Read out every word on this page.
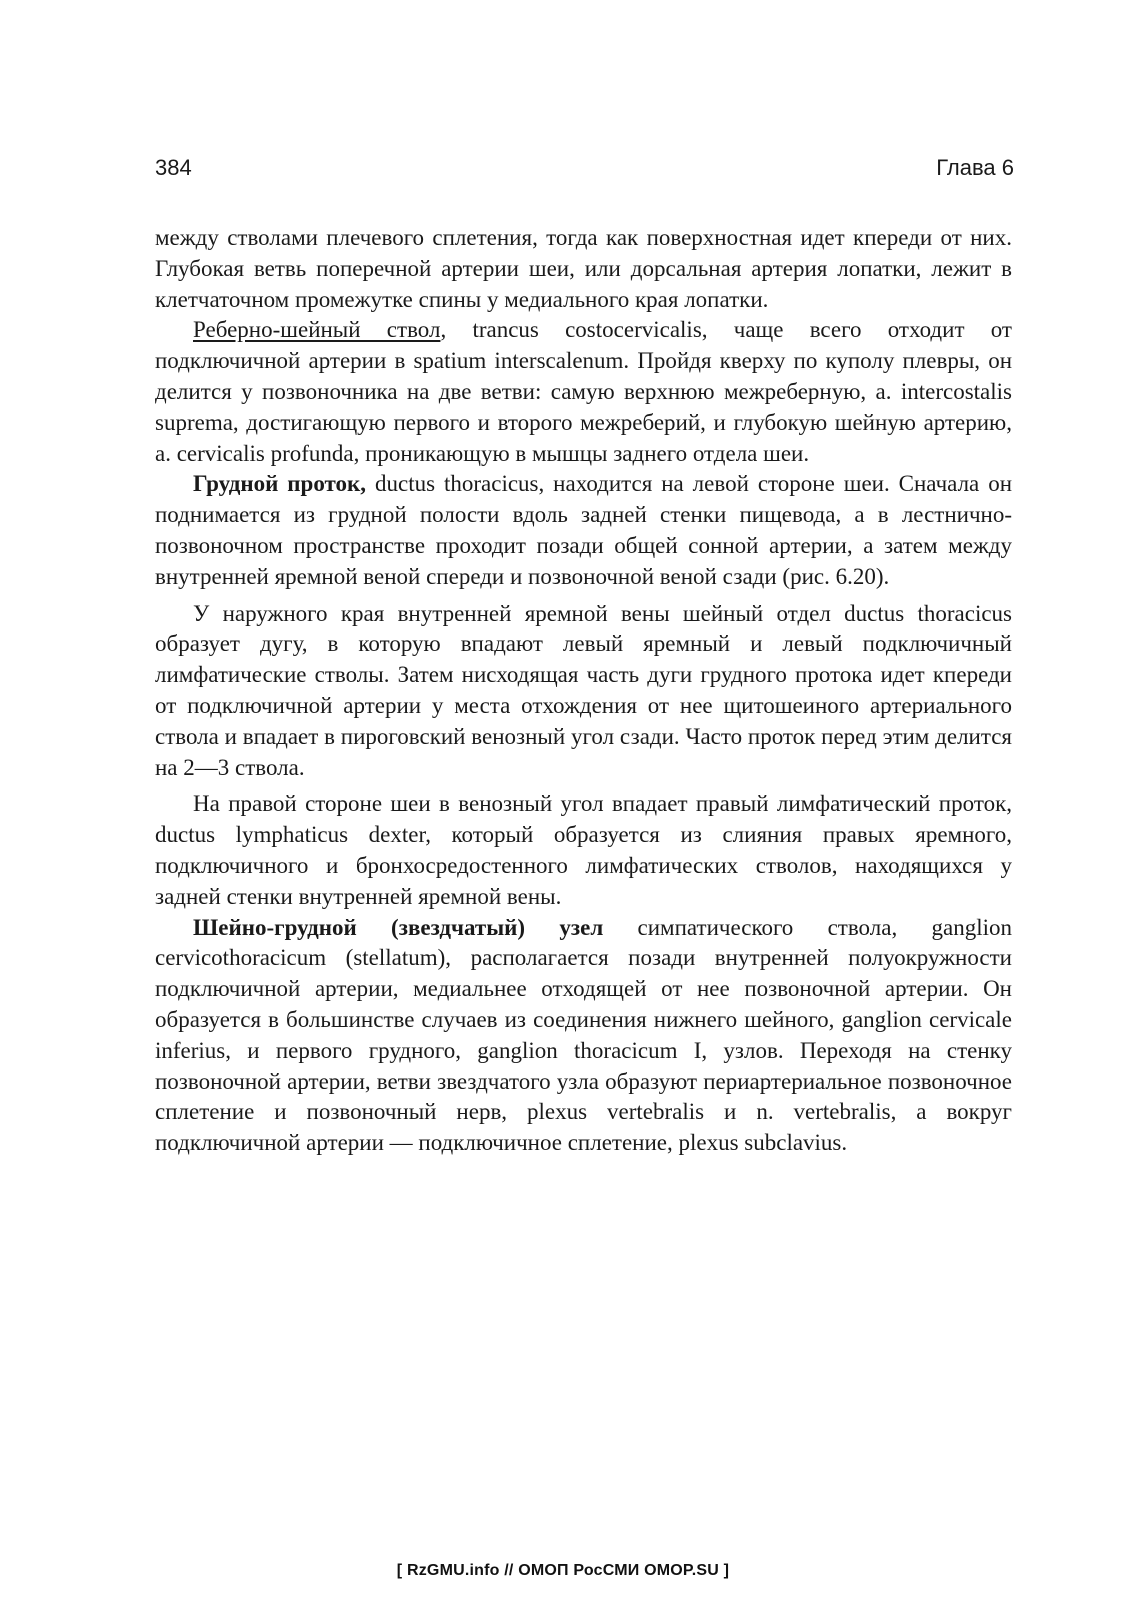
384	Глава 6

между стволами плечевого сплетения, тогда как поверхностная идет кпереди от них. Глубокая ветвь поперечной артерии шеи, или дорсальная артерия лопатки, лежит в клетчаточном промежутке спины у медиального края лопатки.

Реберно-шейный ствол, trancus costocervicalis, чаще всего отходит от подключичной артерии в spatium interscalenum. Пройдя кверху по куполу плевры, он делится у позвоночника на две ветви: самую верхнюю межреберную, a. intercostalis suprema, достигающую первого и второго межреберий, и глубокую шейную артерию, a. cervicalis profunda, проникающую в мышцы заднего отдела шеи.

Грудной проток, ductus thoracicus, находится на левой стороне шеи. Сначала он поднимается из грудной полости вдоль задней стенки пищевода, а в лестнично-позвоночном пространстве проходит позади общей сонной артерии, а затем между внутренней яремной веной спереди и позвоночной веной сзади (рис. 6.20).

У наружного края внутренней яремной вены шейный отдел ductus thoracicus образует дугу, в которую впадают левый яремный и левый подключичный лимфатические стволы. Затем нисходящая часть дуги грудного протока идет кпереди от подключичной артерии у места отхождения от нее щитошеиного артериального ствола и впадает в пироговский венозный угол сзади. Часто проток перед этим делится на 2—3 ствола.

На правой стороне шеи в венозный угол впадает правый лимфатический проток, ductus lymphaticus dexter, который образуется из слияния правых яремного, подключичного и бронхосредостенного лимфатических стволов, находящихся у задней стенки внутренней яремной вены.

Шейно-грудной (звездчатый) узел симпатического ствола, ganglion cervicothoracicum (stellatum), располагается позади внутренней полуокружности подключичной артерии, медиальнее отходящей от нее позвоночной артерии. Он образуется в большинстве случаев из соединения нижнего шейного, ganglion cervicale inferius, и первого грудного, ganglion thoracicum I, узлов. Переходя на стенку позвоночной артерии, ветви звездчатого узла образуют периартериальное позвоночное сплетение и позвоночный нерв, plexus vertebralis и n. vertebralis, а вокруг подключичной артерии — подключичное сплетение, plexus subclavius.

[ RzGMU.info // ОМОП РосСМИ OMOP.SU ]
